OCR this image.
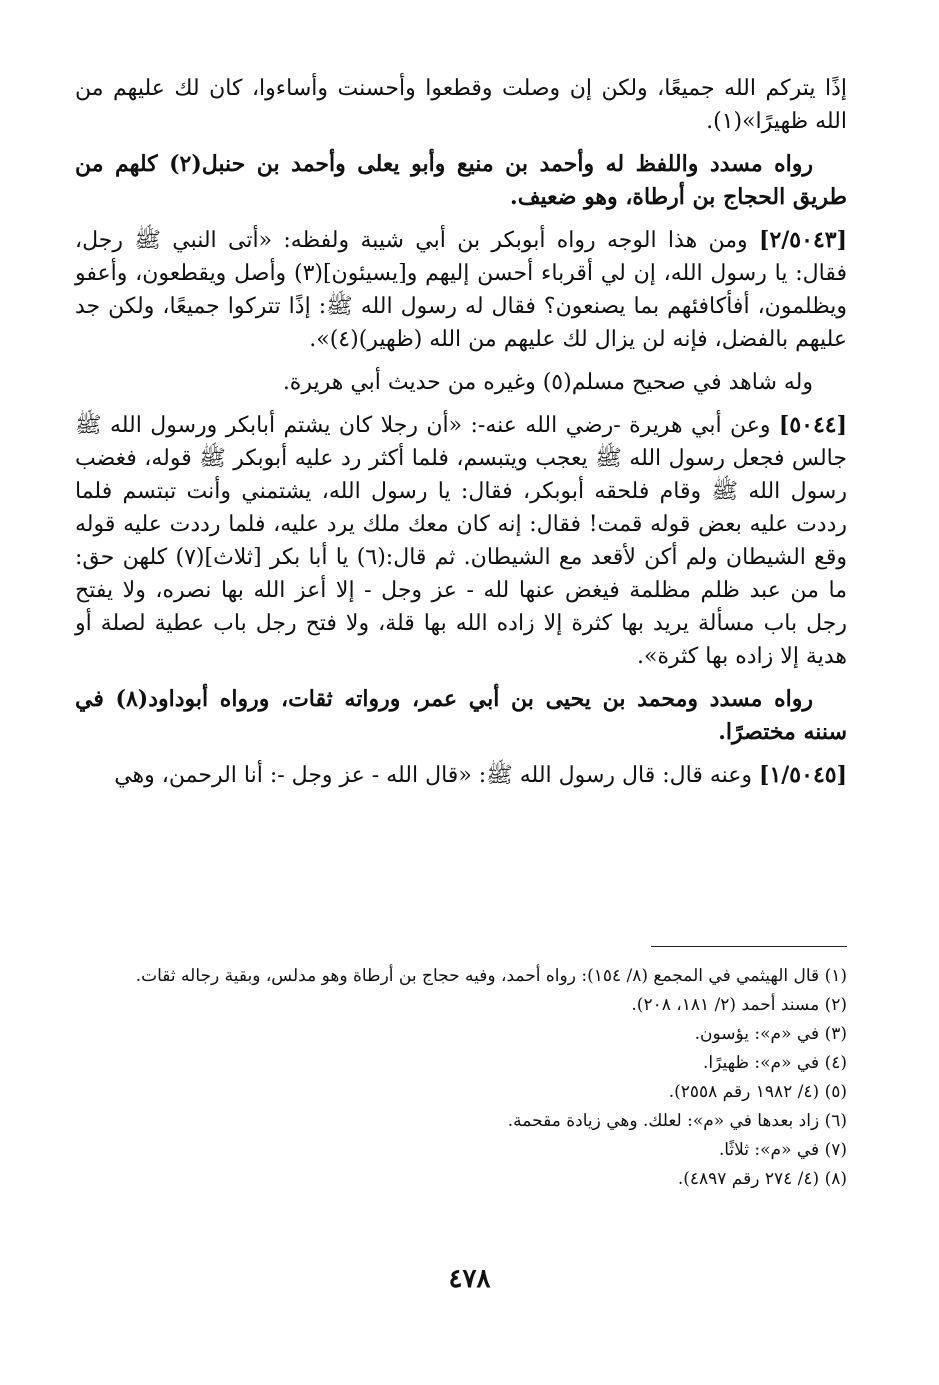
إذًا يتركم الله جميعًا، ولكن إن وصلت وقطعوا وأحسنت وأساءوا، كان لك عليهم من الله ظهيرًا»(١).

رواه مسدد واللفظ له وأحمد بن منيع وأبو يعلى وأحمد بن حنبل(٢) كلهم من طريق الحجاج بن أرطاة، وهو ضعيف.

[٢/٥٠٤٣] ومن هذا الوجه رواه أبوبكر بن أبي شيبة ولفظه: «أتى النبي ﷺ رجل، فقال: يا رسول الله، إن لي أقرباء أحسن إليهم و[يسيئون](٣) وأصل ويقطعون، وأعفو ويظلمون، أفأكافئهم بما يصنعون؟ فقال له رسول الله ﷺ: إذًا تتركوا جميعًا، ولكن جد عليهم بالفضل، فإنه لن يزال لك عليهم من الله (ظهير)(٤)».

وله شاهد في صحيح مسلم(٥) وغيره من حديث أبي هريرة.

[٥٠٤٤] وعن أبي هريرة -رضي الله عنه-: «أن رجلا كان يشتم أبابكر ورسول الله ﷺ جالس فجعل رسول الله ﷺ يعجب ويتبسم، فلما أكثر رد عليه أبوبكر ﷺ قوله، فغضب رسول الله ﷺ وقام فلحقه أبوبكر، فقال: يا رسول الله، يشتمني وأنت تبتسم فلما رددت عليه بعض قوله قمت! فقال: إنه كان معك ملك يرد عليه، فلما رددت عليه قوله وقع الشيطان ولم أكن لأقعد مع الشيطان. ثم قال:(٦) يا أبا بكر [ثلاث](٧) كلهن حق: ما من عبد ظلم مظلمة فيغض عنها لله - عز وجل - إلا أعز الله بها نصره، ولا يفتح رجل باب مسألة يريد بها كثرة إلا زاده الله بها قلة، ولا فتح رجل باب عطية لصلة أو هدية إلا زاده بها كثرة».

رواه مسدد ومحمد بن يحيى بن أبي عمر، ورواته ثقات، ورواه أبوداود(٨) في سننه مختصرًا.

[١/٥٠٤٥] وعنه قال: قال رسول الله ﷺ: «قال الله - عز وجل -: أنا الرحمن، وهي

(١) قال الهيثمي في المجمع (٨/ ١٥٤): رواه أحمد، وفيه حجاج بن أرطاة وهو مدلس، وبقية رجاله ثقات.

(٢) مسند أحمد (٢/ ١٨١، ٢٠٨).

(٣) في «م»: يؤسون.

(٤) في «م»: ظهيرًا.

(٥) (٤/ ١٩٨٢ رقم ٢٥٥٨).

(٦) زاد بعدها في «م»: لعلك. وهي زيادة مقحمة.

(٧) في «م»: ثلاثًا.

(٨) (٤/ ٢٧٤ رقم ٤٨٩٧).

٤٧٨
